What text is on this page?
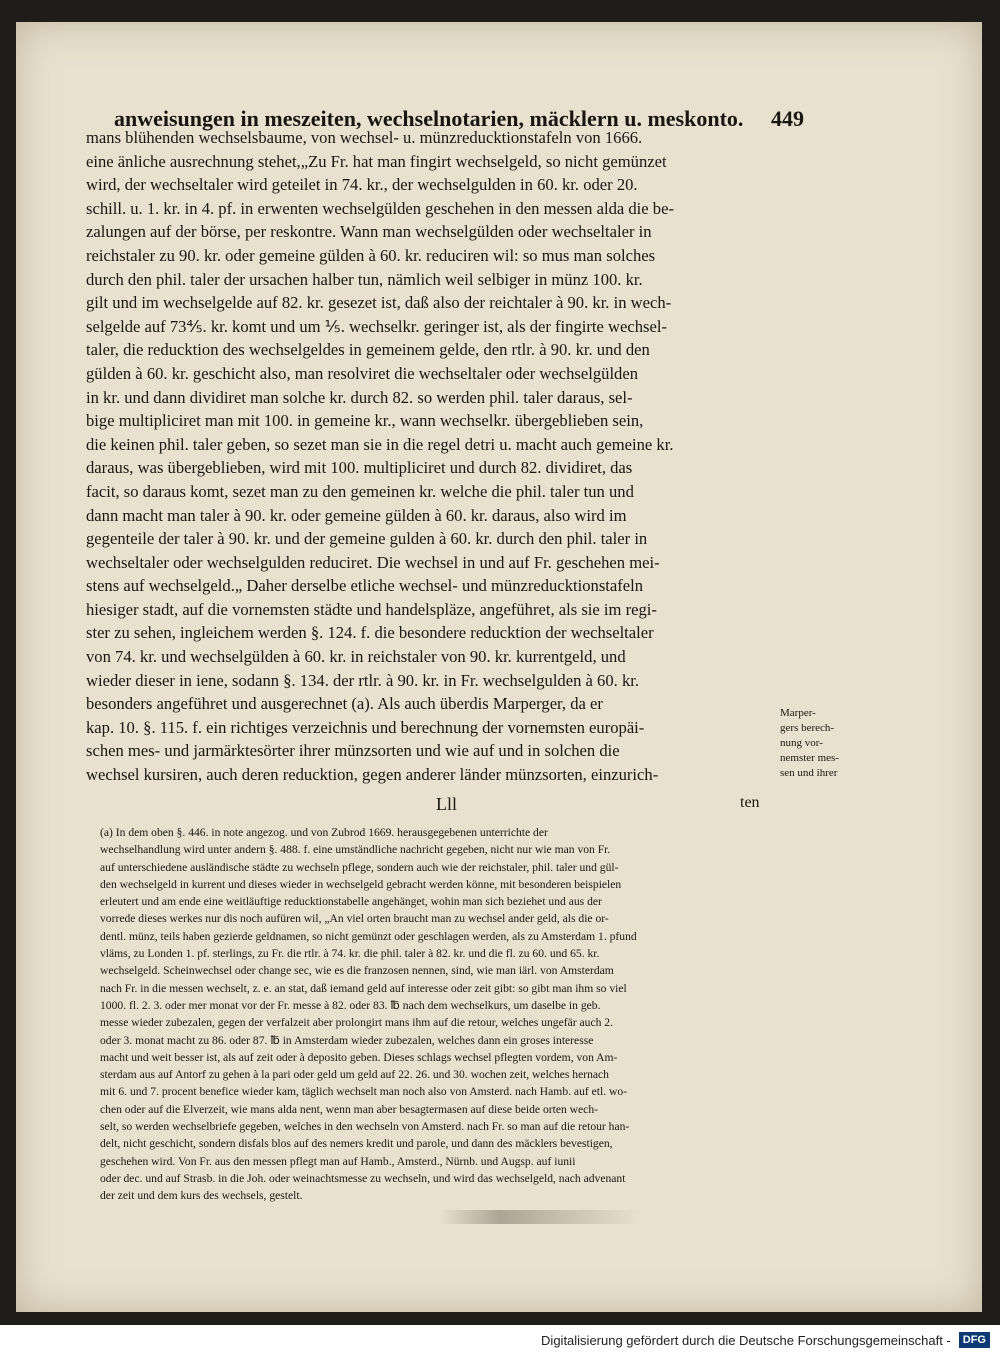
anweisungen in meszeiten, wechselnotarien, mäcklern u. meskonto. 449

mans blühenden wechselsbaume, von wechsel- u. münzreducktionstafeln von 1666.

eine änliche ausrechnung stehet,„Zu Fr. hat man fingirt wechselgeld, so nicht gemünzet

wird, der wechseltaler wird geteilet in 74. kr., der wechselgulden in 60. kr. oder 20.

schill. u. 1. kr. in 4. pf. in erwenten wechselgülden geschehen in den messen alda die be-

zalungen auf der börse, per reskontre. Wann man wechselgülden oder wechseltaler in

reichstaler zu 90. kr. oder gemeine gülden à 60. kr. reduciren wil: so mus man solches

durch den phil. taler der ursachen halber tun, nämlich weil selbiger in münz 100. kr.

gilt und im wechselgelde auf 82. kr. gesezet ist, daß also der reichtaler à 90. kr. in wech-

selgelde auf 73⅘. kr. komt und um ⅕. wechselkr. geringer ist, als der fingirte wechsel-

taler, die reducktion des wechselgeldes in gemeinem gelde, den rtlr. à 90. kr. und den

gülden à 60. kr. geschicht also, man resolviret die wechseltaler oder wechselgülden

in kr. und dann dividiret man solche kr. durch 82. so werden phil. taler daraus, sel-

bige multipliciret man mit 100. in gemeine kr., wann wechselkr. übergeblieben sein,

die keinen phil. taler geben, so sezet man sie in die regel detri u. macht auch gemeine kr.

daraus, was übergeblieben, wird mit 100. multipliciret und durch 82. dividiret, das

facit, so daraus komt, sezet man zu den gemeinen kr. welche die phil. taler tun und

dann macht man taler à 90. kr. oder gemeine gülden à 60. kr. daraus, also wird im

gegenteile der taler à 90. kr. und der gemeine gulden à 60. kr. durch den phil. taler in

wechseltaler oder wechselgulden reduciret. Die wechsel in und auf Fr. geschehen mei-

stens auf wechselgeld.„ Daher derselbe etliche wechsel- und münzreducktionstafeln

hiesiger stadt, auf die vornemsten städte und handelspläze, angeführet, als sie im regi-

ster zu sehen, ingleichem werden §. 124. f. die besondere reducktion der wechseltaler

von 74. kr. und wechselgülden à 60. kr. in reichstaler von 90. kr. kurrentgeld, und

wieder dieser in iene, sodann §. 134. der rtlr. à 90. kr. in Fr. wechselgulden à 60. kr.

besonders angeführet und ausgerechnet (a). Als auch überdis Marperger, da er

kap. 10. §. 115. f. ein richtiges verzeichnis und berechnung der vornemsten europäi-

schen mes- und jarmärktesörter ihrer münzsorten und wie auf und in solchen die

wechsel kursiren, auch deren reducktion, gegen anderer länder münzsorten, einzurich-

Marper-
gers berech-
nung vor-
nemster mes-
sen und ihrer
Lll	ten

(a) In dem oben §. 446. in note angezog. und von Zubrod 1669. herausgegebenen unterrichte der

wechselhandlung wird unter andern §. 488. f. eine umständliche nachricht gegeben, nicht nur wie man von Fr.

auf unterschiedene ausländische städte zu wechseln pflege, sondern auch wie der reichstaler, phil. taler und gül-

den wechselgeld in kurrent und dieses wieder in wechselgeld gebracht werden könne, mit besonderen beispielen

erleutert und am ende eine weitläuftige reducktionstabelle angehänget, wohin man sich beziehet und aus der

vorrede dieses werkes nur dis noch aufüren wil, „An viel orten braucht man zu wechsel ander geld, als die or-

dentl. münz, teils haben gezierde geldnamen, so nicht gemünzt oder geschlagen werden, als zu Amsterdam 1. pfund

vläms, zu Londen 1. pf. sterlings, zu Fr. die rtlr. à 74. kr. die phil. taler à 82. kr. und die fl. zu 60. und 65. kr.

wechselgeld. Scheinwechsel oder change sec, wie es die franzosen nennen, sind, wie man iärl. von Amsterdam

nach Fr. in die messen wechselt, z. e. an stat, daß iemand geld auf interesse oder zeit gibt: so gibt man ihm so viel

1000. fl. 2. 3. oder mer monat vor der Fr. messe à 82. oder 83. ℔ nach dem wechselkurs, um daselbe in geb.

messe wieder zubezalen, gegen der verfalzeit aber prolongirt mans ihm auf die retour, welches ungefär auch 2.

oder 3. monat macht zu 86. oder 87. ℔ in Amsterdam wieder zubezalen, welches dann ein groses interesse

macht und weit besser ist, als auf zeit oder à deposito geben. Dieses schlags wechsel pflegten vordem, von Am-

sterdam aus auf Antorf zu gehen à la pari oder geld um geld auf 22. 26. und 30. wochen zeit, welches hernach

mit 6. und 7. procent benefice wieder kam, täglich wechselt man noch also von Amsterd. nach Hamb. auf etl. wo-

chen oder auf die Elverzeit, wie mans alda nent, wenn man aber besagtermasen auf diese beide orten wech-

selt, so werden wechselbriefe gegeben, welches in den wechseln von Amsterd. nach Fr. so man auf die retour han-

delt, nicht geschicht, sondern disfals blos auf des nemers kredit und parole, und dann des mäcklers bevestigen,

geschehen wird. Von Fr. aus den messen pflegt man auf Hamb., Amsterd., Nürnb. und Augsp. auf iunii

oder dec. und auf Strasb. in die Joh. oder weinachtsmesse zu wechseln, und wird das wechselgeld, nach advenant

der zeit und dem kurs des wechsels, gestelt.

Digitalisierung gefördert durch die Deutsche Forschungsgemeinschaft -	DFG
